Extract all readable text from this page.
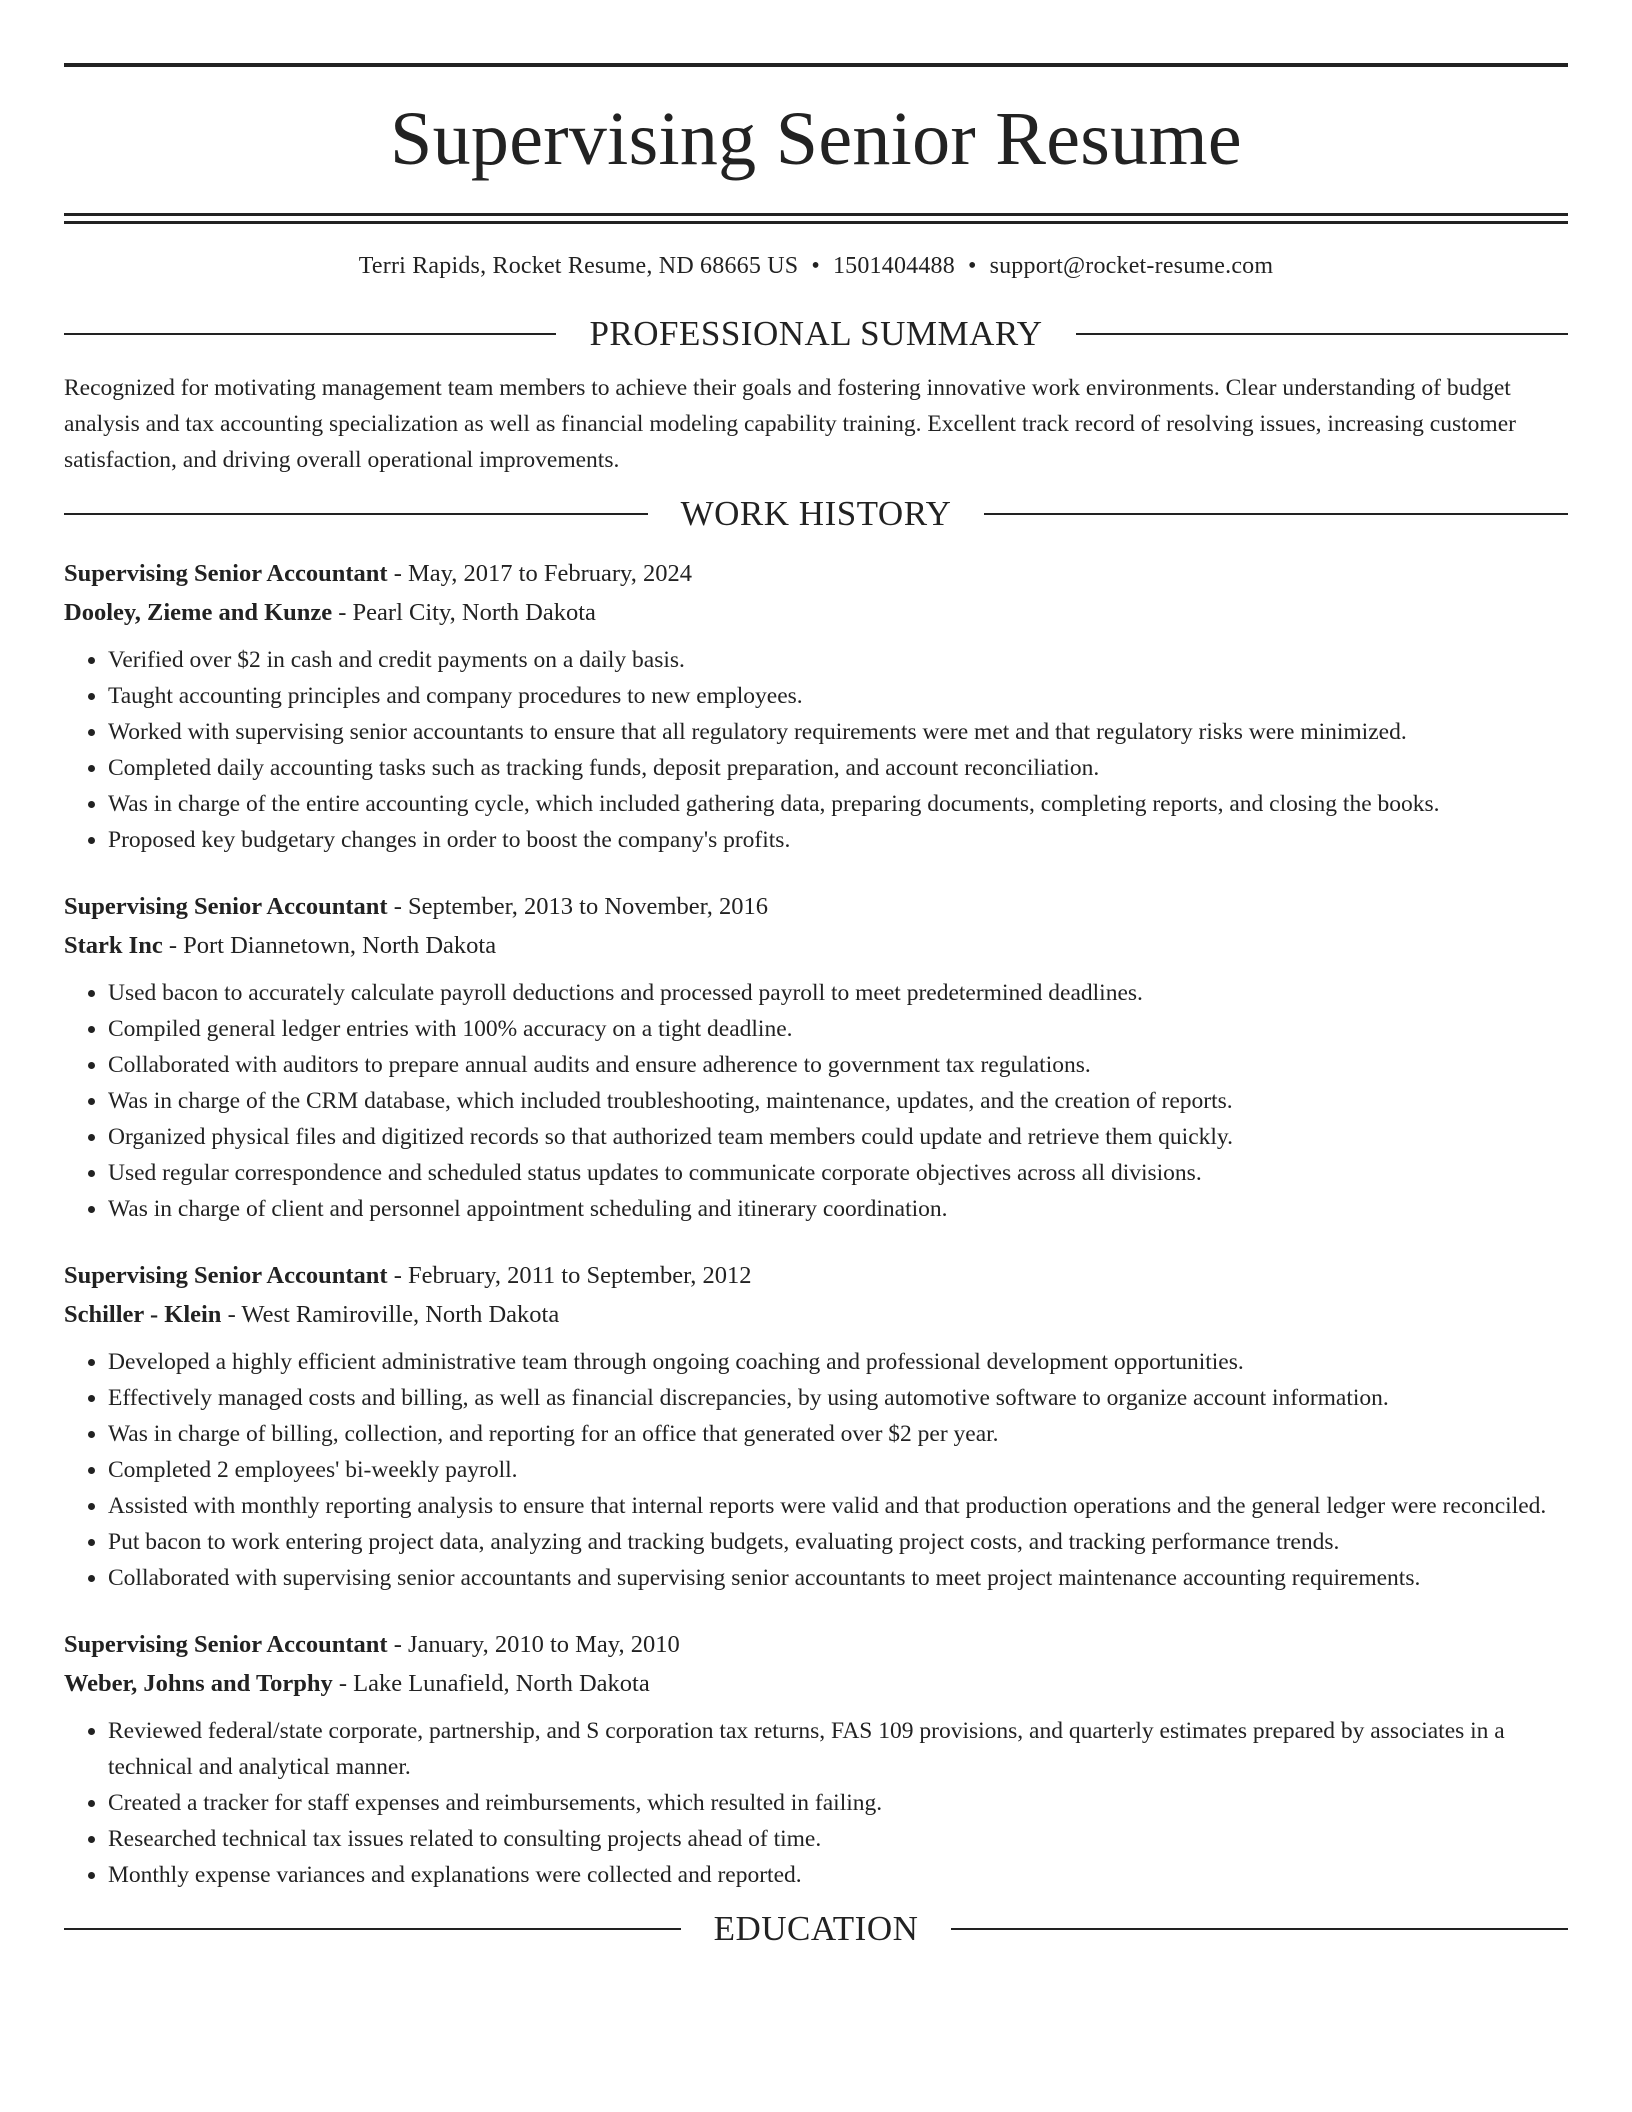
Supervising Senior Resume
Terri Rapids, Rocket Resume, ND 68665 US • 1501404488 • support@rocket-resume.com
PROFESSIONAL SUMMARY

Recognized for motivating management team members to achieve their goals and fostering innovative work environments. Clear understanding of budget analysis and tax accounting specialization as well as financial modeling capability training. Excellent track record of resolving issues, increasing customer satisfaction, and driving overall operational improvements.

WORK HISTORY
Supervising Senior Accountant - May, 2017 to February, 2024
Dooley, Zieme and Kunze - Pearl City, North Dakota
• Verified over $2 in cash and credit payments on a daily basis.
• Taught accounting principles and company procedures to new employees.
• Worked with supervising senior accountants to ensure that all regulatory requirements were met and that regulatory risks were minimized.
• Completed daily accounting tasks such as tracking funds, deposit preparation, and account reconciliation.
• Was in charge of the entire accounting cycle, which included gathering data, preparing documents, completing reports, and closing the books.
• Proposed key budgetary changes in order to boost the company's profits.
Supervising Senior Accountant - September, 2013 to November, 2016
Stark Inc - Port Diannetown, North Dakota
• Used bacon to accurately calculate payroll deductions and processed payroll to meet predetermined deadlines.
• Compiled general ledger entries with 100% accuracy on a tight deadline.
• Collaborated with auditors to prepare annual audits and ensure adherence to government tax regulations.
• Was in charge of the CRM database, which included troubleshooting, maintenance, updates, and the creation of reports.
• Organized physical files and digitized records so that authorized team members could update and retrieve them quickly.
• Used regular correspondence and scheduled status updates to communicate corporate objectives across all divisions.
• Was in charge of client and personnel appointment scheduling and itinerary coordination.
Supervising Senior Accountant - February, 2011 to September, 2012
Schiller - Klein - West Ramiroville, North Dakota
• Developed a highly efficient administrative team through ongoing coaching and professional development opportunities.
• Effectively managed costs and billing, as well as financial discrepancies, by using automotive software to organize account information.
• Was in charge of billing, collection, and reporting for an office that generated over $2 per year.
• Completed 2 employees' bi-weekly payroll.
• Assisted with monthly reporting analysis to ensure that internal reports were valid and that production operations and the general ledger were reconciled.
• Put bacon to work entering project data, analyzing and tracking budgets, evaluating project costs, and tracking performance trends.
• Collaborated with supervising senior accountants and supervising senior accountants to meet project maintenance accounting requirements.
Supervising Senior Accountant - January, 2010 to May, 2010
Weber, Johns and Torphy - Lake Lunafield, North Dakota
• Reviewed federal/state corporate, partnership, and S corporation tax returns, FAS 109 provisions, and quarterly estimates prepared by associates in a technical and analytical manner.
• Created a tracker for staff expenses and reimbursements, which resulted in failing.
• Researched technical tax issues related to consulting projects ahead of time.
• Monthly expense variances and explanations were collected and reported.
EDUCATION
